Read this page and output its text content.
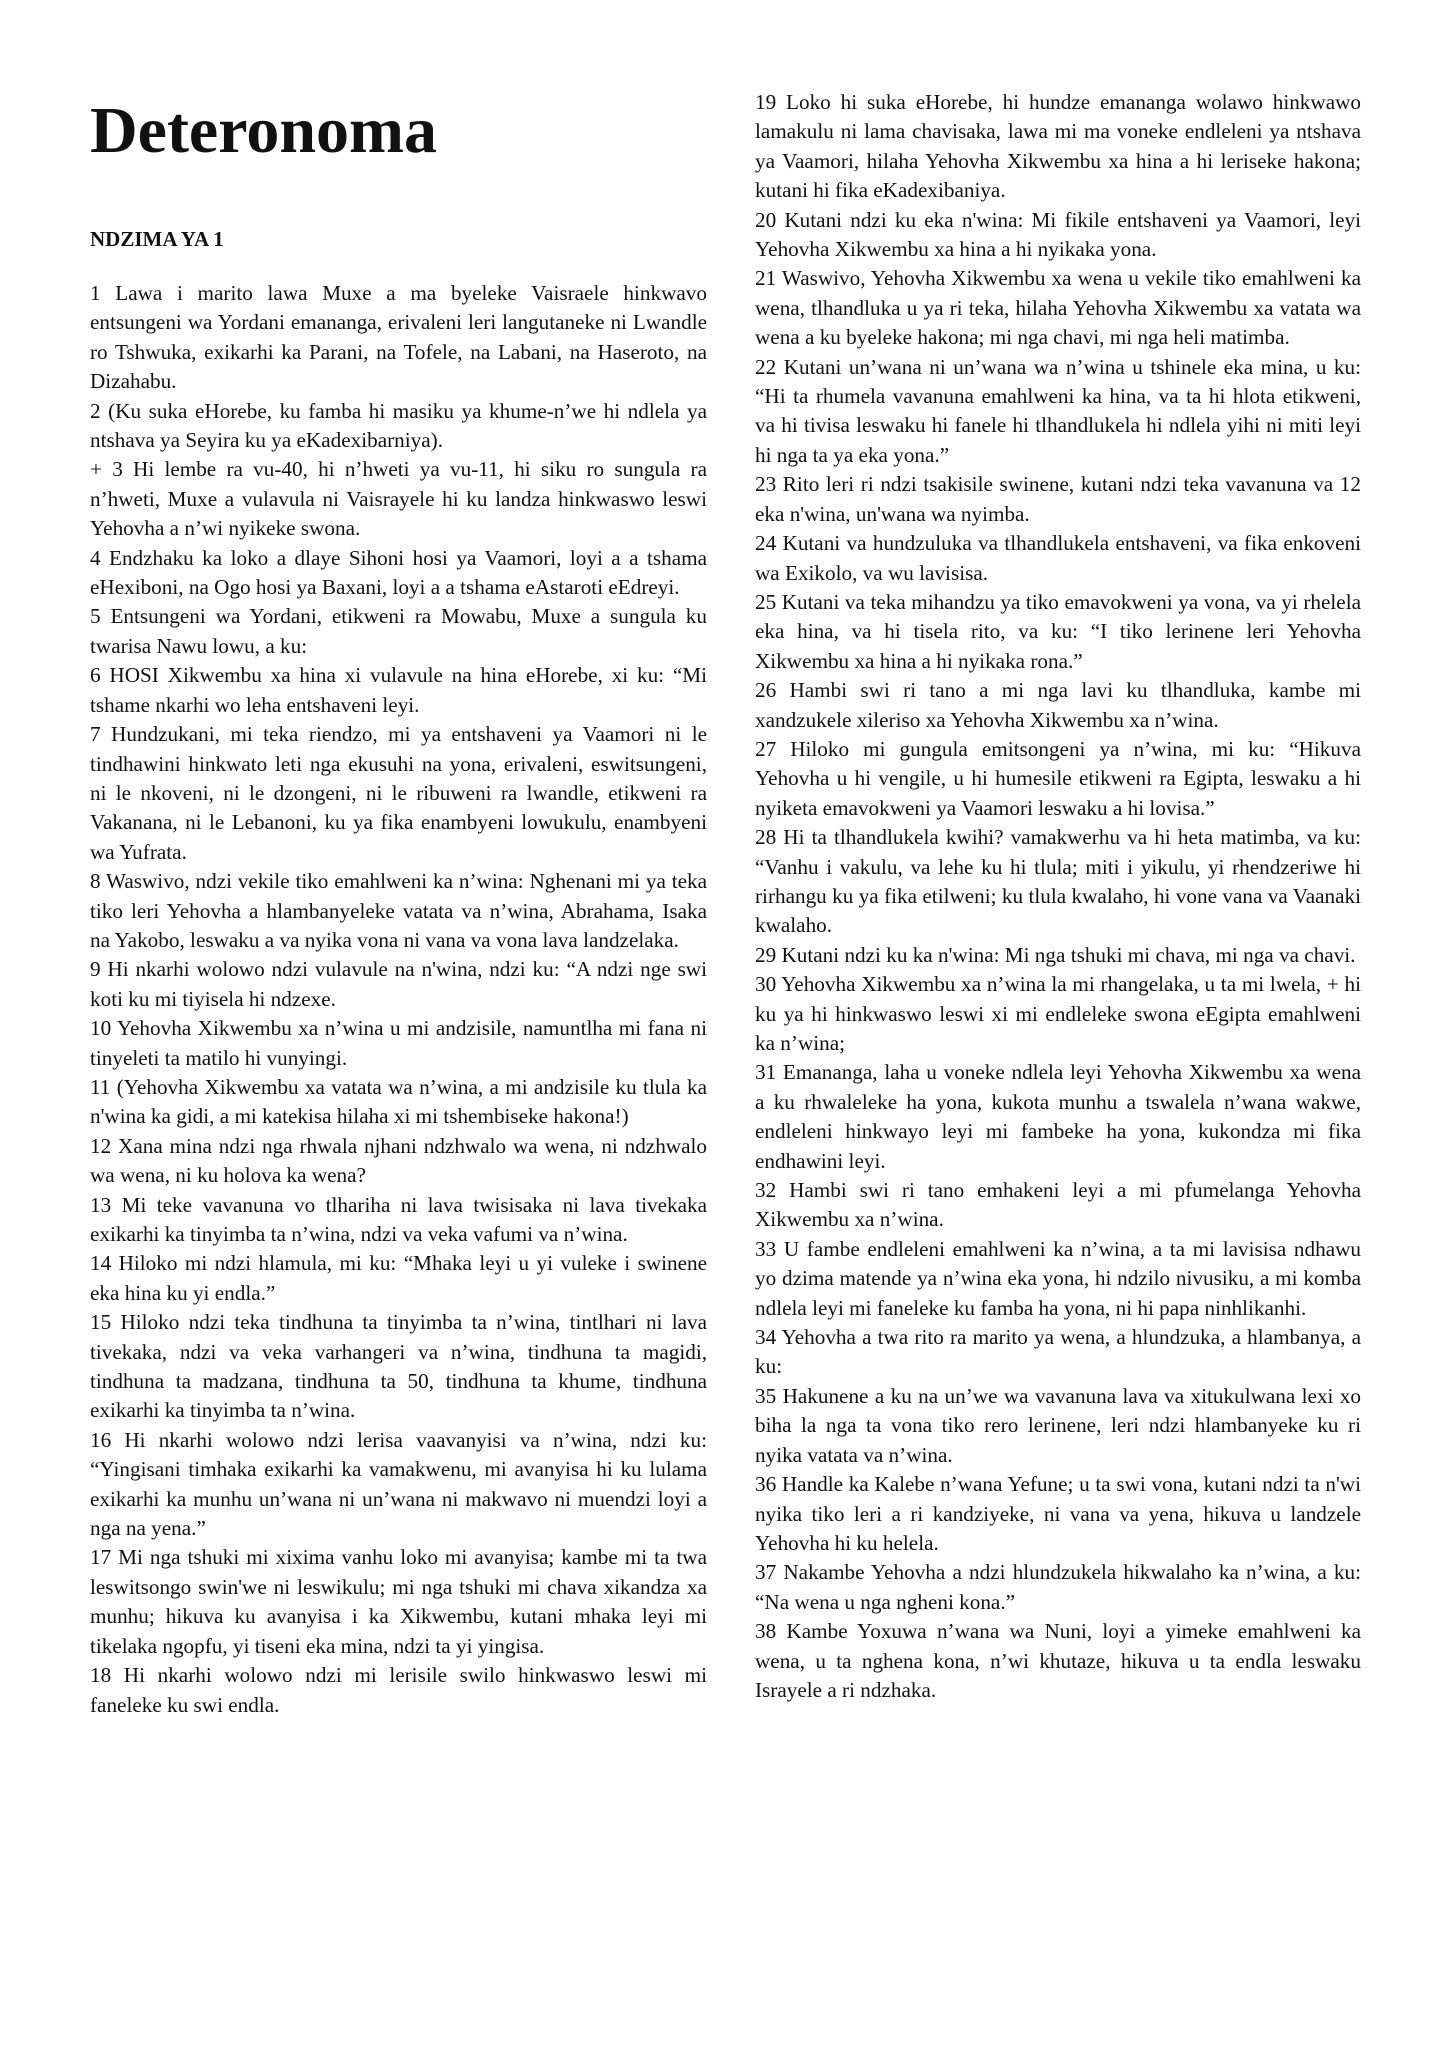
Deteronoma
NDZIMA YA 1

1 Lawa i marito lawa Muxe a ma byeleke Vaisraele hinkwavo entsungeni wa Yordani emananga, erivaleni leri langutaneke ni Lwandle ro Tshwuka, exikarhi ka Parani, na Tofele, na Labani, na Haseroto, na Dizahabu.

2 (Ku suka eHorebe, ku famba hi masiku ya khume-n’we hi ndlela ya ntshava ya Seyira ku ya eKadexibarniya).

+ 3 Hi lembe ra vu-40, hi n’hweti ya vu-11, hi siku ro sungula ra n’hweti, Muxe a vulavula ni Vaisrayele hi ku landza hinkwaswo leswi Yehovha a n’wi nyikeke swona.

4 Endzhaku ka loko a dlaye Sihoni hosi ya Vaamori, loyi a a tshama eHexiboni, na Ogo hosi ya Baxani, loyi a a tshama eAstaroti eEdreyi.

5 Entsungeni wa Yordani, etikweni ra Mowabu, Muxe a sungula ku twarisa Nawu lowu, a ku:

6 HOSI Xikwembu xa hina xi vulavule na hina eHorebe, xi ku: “Mi tshame nkarhi wo leha entshaveni leyi.

7 Hundzukani, mi teka riendzo, mi ya entshaveni ya Vaamori ni le tindhawini hinkwato leti nga ekusuhi na yona, erivaleni, eswitsungeni, ni le nkoveni, ni le dzongeni, ni le ribuweni ra lwandle, etikweni ra Vakanana, ni le Lebanoni, ku ya fika enambyeni lowukulu, enambyeni wa Yufrata.

8 Waswivo, ndzi vekile tiko emahlweni ka n’wina: Nghenani mi ya teka tiko leri Yehovha a hlambanyeleke vatata va n’wina, Abrahama, Isaka na Yakobo, leswaku a va nyika vona ni vana va vona lava landzelaka.

9 Hi nkarhi wolowo ndzi vulavule na n'wina, ndzi ku: “A ndzi nge swi koti ku mi tiyisela hi ndzexe.

10 Yehovha Xikwembu xa n’wina u mi andzisile, namuntlha mi fana ni tinyeleti ta matilo hi vunyingi.

11 (Yehovha Xikwembu xa vatata wa n’wina, a mi andzisile ku tlula ka n'wina ka gidi, a mi katekisa hilaha xi mi tshembiseke hakona!)

12 Xana mina ndzi nga rhwala njhani ndzhwalo wa wena, ni ndzhwalo wa wena, ni ku holova ka wena?

13 Mi teke vavanuna vo tlhariha ni lava twisisaka ni lava tivekaka exikarhi ka tinyimba ta n’wina, ndzi va veka vafumi va n’wina.

14 Hiloko mi ndzi hlamula, mi ku: “Mhaka leyi u yi vuleke i swinene eka hina ku yi endla.”

15 Hiloko ndzi teka tindhuna ta tinyimba ta n’wina, tintlhari ni lava tivekaka, ndzi va veka varhangeri va n’wina, tindhuna ta magidi, tindhuna ta madzana, tindhuna ta 50, tindhuna ta khume, tindhuna exikarhi ka tinyimba ta n’wina.

16 Hi nkarhi wolowo ndzi lerisa vaavanyisi va n’wina, ndzi ku: “Yingisani timhaka exikarhi ka vamakwenu, mi avanyisa hi ku lulama exikarhi ka munhu un’wana ni un’wana ni makwavo ni muendzi loyi a nga na yena.”

17 Mi nga tshuki mi xixima vanhu loko mi avanyisa; kambe mi ta twa leswitsongo swin'we ni leswikulu; mi nga tshuki mi chava xikandza xa munhu; hikuva ku avanyisa i ka Xikwembu, kutani mhaka leyi mi tikelaka ngopfu, yi tiseni eka mina, ndzi ta yi yingisa.

18 Hi nkarhi wolowo ndzi mi lerisile swilo hinkwaswo leswi mi faneleke ku swi endla.

19 Loko hi suka eHorebe, hi hundze emananga wolawo hinkwawo lamakulu ni lama chavisaka, lawa mi ma voneke endleleni ya ntshava ya Vaamori, hilaha Yehovha Xikwembu xa hina a hi leriseke hakona; kutani hi fika eKadexibaniya.

20 Kutani ndzi ku eka n'wina: Mi fikile entshaveni ya Vaamori, leyi Yehovha Xikwembu xa hina a hi nyikaka yona.

21 Waswivo, Yehovha Xikwembu xa wena u vekile tiko emahlweni ka wena, tlhandluka u ya ri teka, hilaha Yehovha Xikwembu xa vatata wa wena a ku byeleke hakona; mi nga chavi, mi nga heli matimba.

22 Kutani un’wana ni un’wana wa n’wina u tshinele eka mina, u ku: “Hi ta rhumela vavanuna emahlweni ka hina, va ta hi hlota etikweni, va hi tivisa leswaku hi fanele hi tlhandlukela hi ndlela yihi ni miti leyi hi nga ta ya eka yona.”

23 Rito leri ri ndzi tsakisile swinene, kutani ndzi teka vavanuna va 12 eka n'wina, un'wana wa nyimba.

24 Kutani va hundzuluka va tlhandlukela entshaveni, va fika enkoveni wa Exikolo, va wu lavisisa.

25 Kutani va teka mihandzu ya tiko emavokweni ya vona, va yi rhelela eka hina, va hi tisela rito, va ku: “I tiko lerinene leri Yehovha Xikwembu xa hina a hi nyikaka rona.”

26 Hambi swi ri tano a mi nga lavi ku tlhandluka, kambe mi xandzukele xileriso xa Yehovha Xikwembu xa n’wina.

27 Hiloko mi gungula emitsongeni ya n’wina, mi ku: “Hikuva Yehovha u hi vengile, u hi humesile etikweni ra Egipta, leswaku a hi nyiketa emavokweni ya Vaamori leswaku a hi lovisa.”

28 Hi ta tlhandlukela kwihi? vamakwerhu va hi heta matimba, va ku: “Vanhu i vakulu, va lehe ku hi tlula; miti i yikulu, yi rhendzeriwe hi rirhangu ku ya fika etilweni; ku tlula kwalaho, hi vone vana va Vaanaki kwalaho.

29 Kutani ndzi ku ka n'wina: Mi nga tshuki mi chava, mi nga va chavi.

30 Yehovha Xikwembu xa n’wina la mi rhangelaka, u ta mi lwela, + hi ku ya hi hinkwaswo leswi xi mi endleleke swona eEgipta emahlweni ka n’wina;

31 Emananga, laha u voneke ndlela leyi Yehovha Xikwembu xa wena a ku rhwaleleke ha yona, kukota munhu a tswalela n’wana wakwe, endleleni hinkwayo leyi mi fambeke ha yona, kukondza mi fika endhawini leyi.

32 Hambi swi ri tano emhakeni leyi a mi pfumelanga Yehovha Xikwembu xa n’wina.

33 U fambe endleleni emahlweni ka n’wina, a ta mi lavisisa ndhawu yo dzima matende ya n’wina eka yona, hi ndzilo nivusiku, a mi komba ndlela leyi mi faneleke ku famba ha yona, ni hi papa ninhlikanhi.

34 Yehovha a twa rito ra marito ya wena, a hlundzuka, a hlambanya, a ku:

35 Hakunene a ku na un’we wa vavanuna lava va xitukulwana lexi xo biha la nga ta vona tiko rero lerinene, leri ndzi hlambanyeke ku ri nyika vatata va n’wina.

36 Handle ka Kalebe n’wana Yefune; u ta swi vona, kutani ndzi ta n'wi nyika tiko leri a ri kandziyeke, ni vana va yena, hikuva u landzele Yehovha hi ku helela.

37 Nakambe Yehovha a ndzi hlundzukela hikwalaho ka n’wina, a ku: “Na wena u nga ngheni kona.”

38 Kambe Yoxuwa n’wana wa Nuni, loyi a yimeke emahlweni ka wena, u ta nghena kona, n’wi khutaze, hikuva u ta endla leswaku Israyele a ri ndzhaka.
